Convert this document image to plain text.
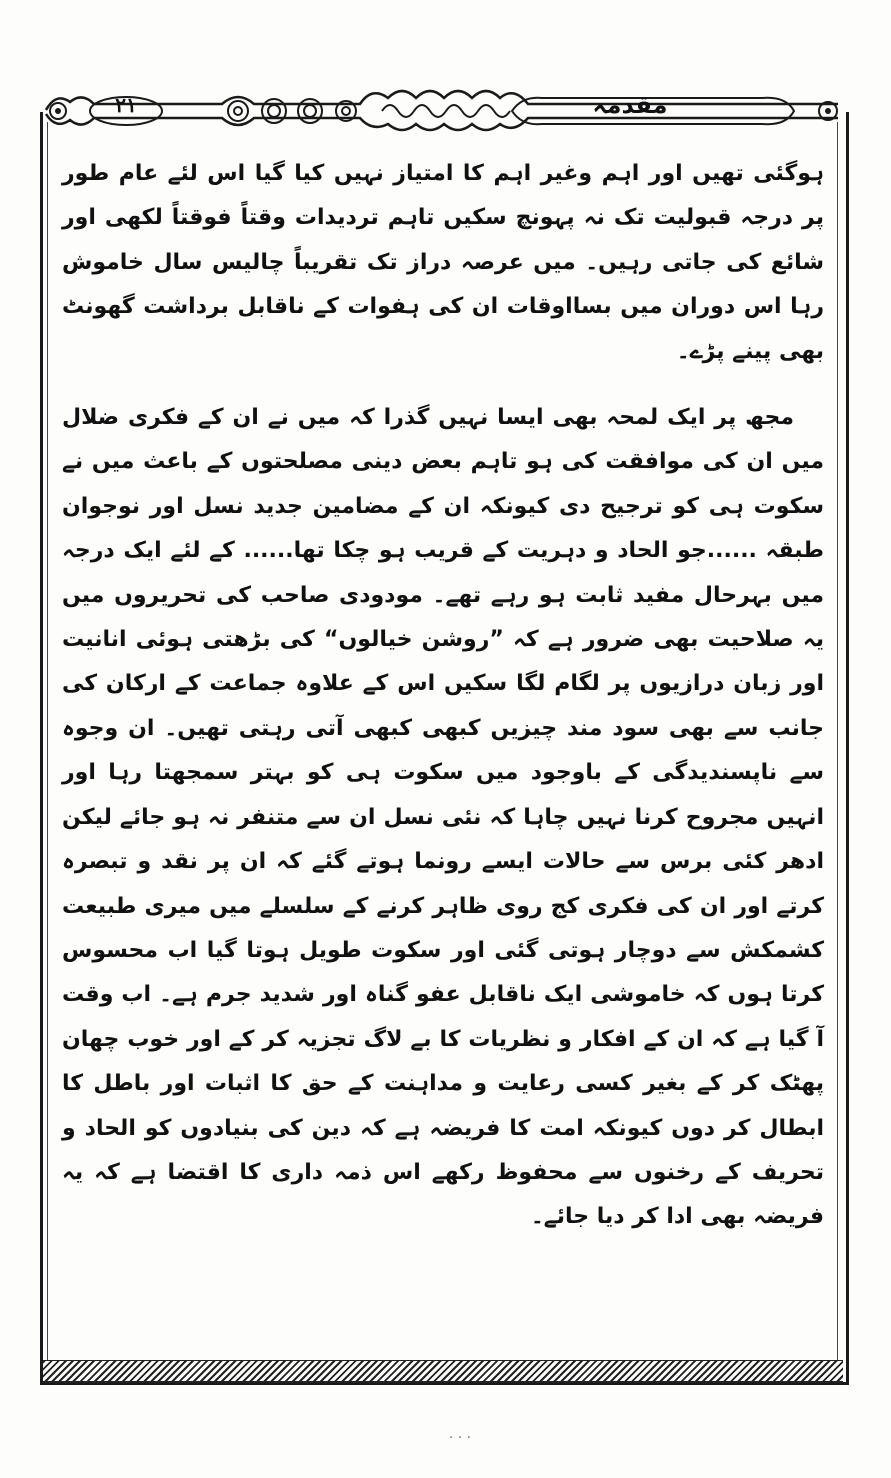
۲۱	مقدمہ

ہوگئی تھیں اور اہم وغیر اہم کا امتیاز نہیں کیا گیا اس لئے عام طور پر درجہ قبولیت تک نہ پہونچ سکیں تاہم تردیدات وقتاً فوقتاً لکھی اور شائع کی جاتی رہیں۔ میں عرصہ دراز تک تقریباً چالیس سال خاموش رہا اس دوران میں بسااوقات ان کی ہفوات کے ناقابل برداشت گھونٹ بھی پینے پڑے۔

مجھ پر ایک لمحہ بھی ایسا نہیں گذرا کہ میں نے ان کے فکری ضلال میں ان کی موافقت کی ہو تاہم بعض دینی مصلحتوں کے باعث میں نے سکوت ہی کو ترجیح دی کیونکہ ان کے مضامین جدید نسل اور نوجوان طبقہ ......جو الحاد و دہریت کے قریب ہو چکا تھا...... کے لئے ایک درجہ میں بہرحال مفید ثابت ہو رہے تھے۔ مودودی صاحب کی تحریروں میں یہ صلاحیت بھی ضرور ہے کہ ”روشن خیالوں“ کی بڑھتی ہوئی انانیت اور زبان درازیوں پر لگام لگا سکیں اس کے علاوہ جماعت کے ارکان کی جانب سے بھی سود مند چیزیں کبھی کبھی آتی رہتی تھیں۔ ان وجوہ سے ناپسندیدگی کے باوجود میں سکوت ہی کو بہتر سمجھتا رہا اور انہیں مجروح کرنا نہیں چاہا کہ نئی نسل ان سے متنفر نہ ہو جائے لیکن ادھر کئی برس سے حالات ایسے رونما ہوتے گئے کہ ان پر نقد و تبصرہ کرتے اور ان کی فکری کج روی ظاہر کرنے کے سلسلے میں میری طبیعت کشمکش سے دوچار ہوتی گئی اور سکوت طویل ہوتا گیا اب محسوس کرتا ہوں کہ خاموشی ایک ناقابل عفو گناہ اور شدید جرم ہے۔ اب وقت آ گیا ہے کہ ان کے افکار و نظریات کا بے لاگ تجزیہ کر کے اور خوب چھان پھٹک کر کے بغیر کسی رعایت و مداہنت کے حق کا اثبات اور باطل کا ابطال کر دوں کیونکہ امت کا فریضہ ہے کہ دین کی بنیادوں کو الحاد و تحریف کے رخنوں سے محفوظ رکھے اس ذمہ داری کا اقتضا ہے کہ یہ فریضہ بھی ادا کر دیا جائے۔

· · ·
